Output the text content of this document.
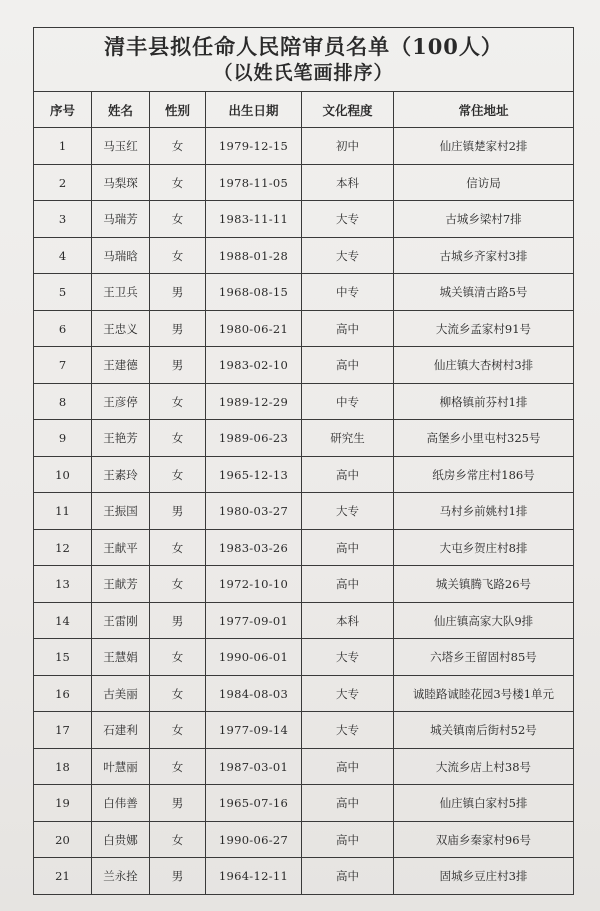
清丰县拟任命人民陪审员名单（100人）
（以姓氏笔画排序）					

序号	姓名	性别	出生日期	文化程度	常住地址
1	马玉红	女	1979-12-15	初中	仙庄镇楚家村2排
2	马梨琛	女	1978-11-05	本科	信访局
3	马瑞芳	女	1983-11-11	大专	古城乡梁村7排
4	马瑞晗	女	1988-01-28	大专	古城乡齐家村3排
5	王卫兵	男	1968-08-15	中专	城关镇清古路5号
6	王忠义	男	1980-06-21	高中	大流乡孟家村91号
7	王建德	男	1983-02-10	高中	仙庄镇大杏树村3排
8	王彦停	女	1989-12-29	中专	柳格镇前芬村1排
9	王艳芳	女	1989-06-23	研究生	高堡乡小里屯村325号
10	王素玲	女	1965-12-13	高中	纸房乡常庄村186号
11	王振国	男	1980-03-27	大专	马村乡前姚村1排
12	王献平	女	1983-03-26	高中	大屯乡贺庄村8排
13	王献芳	女	1972-10-10	高中	城关镇腾飞路26号
14	王雷刚	男	1977-09-01	本科	仙庄镇高家大队9排
15	王慧娟	女	1990-06-01	大专	六塔乡王留固村85号
16	古美丽	女	1984-08-03	大专	诚睦路诚睦花园3号楼1单元
17	石建利	女	1977-09-14	大专	城关镇南后街村52号
18	叶慧丽	女	1987-03-01	高中	大流乡店上村38号
19	白伟善	男	1965-07-16	高中	仙庄镇白家村5排
20	白贵娜	女	1990-06-27	高中	双庙乡秦家村96号
21	兰永拴	男	1964-12-11	高中	固城乡豆庄村3排
